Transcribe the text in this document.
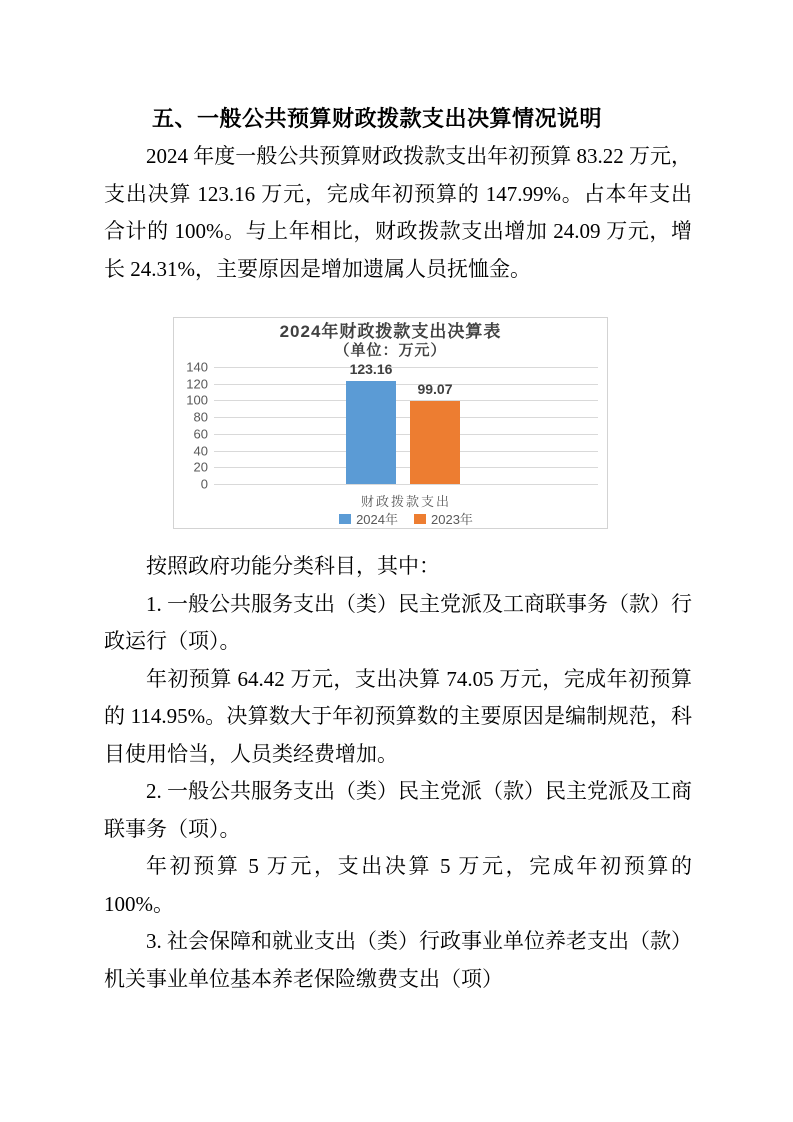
五、一般公共预算财政拨款支出决算情况说明

2024 年度一般公共预算财政拨款支出年初预算 83.22 万元，支出决算 123.16 万元，完成年初预算的 147.99%。占本年支出合计的 100%。与上年相比，财政拨款支出增加 24.09 万元，增长 24.31%，主要原因是增加遗属人员抚恤金。

2024年财政拨款支出决算表
（单位：万元）
123.16
99.07
140
120
100
80
60
40
20
0
财政拨款支出
2024年	2023年

按照政府功能分类科目，其中：

1. 一般公共服务支出（类）民主党派及工商联事务（款）行政运行（项）。

年初预算 64.42 万元，支出决算 74.05 万元，完成年初预算的 114.95%。决算数大于年初预算数的主要原因是编制规范，科目使用恰当，人员类经费增加。

2. 一般公共服务支出（类）民主党派（款）民主党派及工商联事务（项）。

年初预算 5 万元，支出决算 5 万元，完成年初预算的 100%。

3. 社会保障和就业支出（类）行政事业单位养老支出（款）机关事业单位基本养老保险缴费支出（项）
